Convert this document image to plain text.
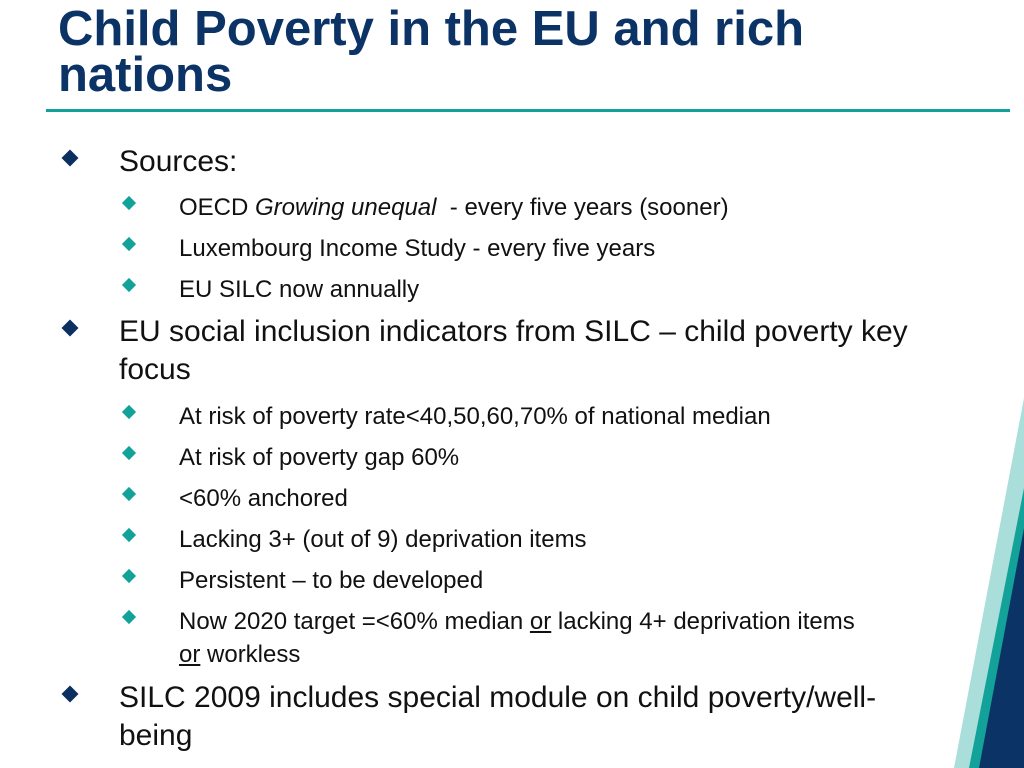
Child Poverty in the EU and rich nations
Sources:
OECD Growing unequal  - every five years (sooner)
Luxembourg Income Study - every five years
EU SILC now annually
EU social inclusion indicators from SILC – child poverty key focus
At risk of poverty rate<40,50,60,70% of national median
At risk of poverty gap 60%
<60% anchored
Lacking 3+ (out of 9) deprivation items
Persistent – to be developed
Now 2020 target =<60% median or lacking 4+ deprivation items
or workless
SILC 2009 includes special module on child poverty/well-being
